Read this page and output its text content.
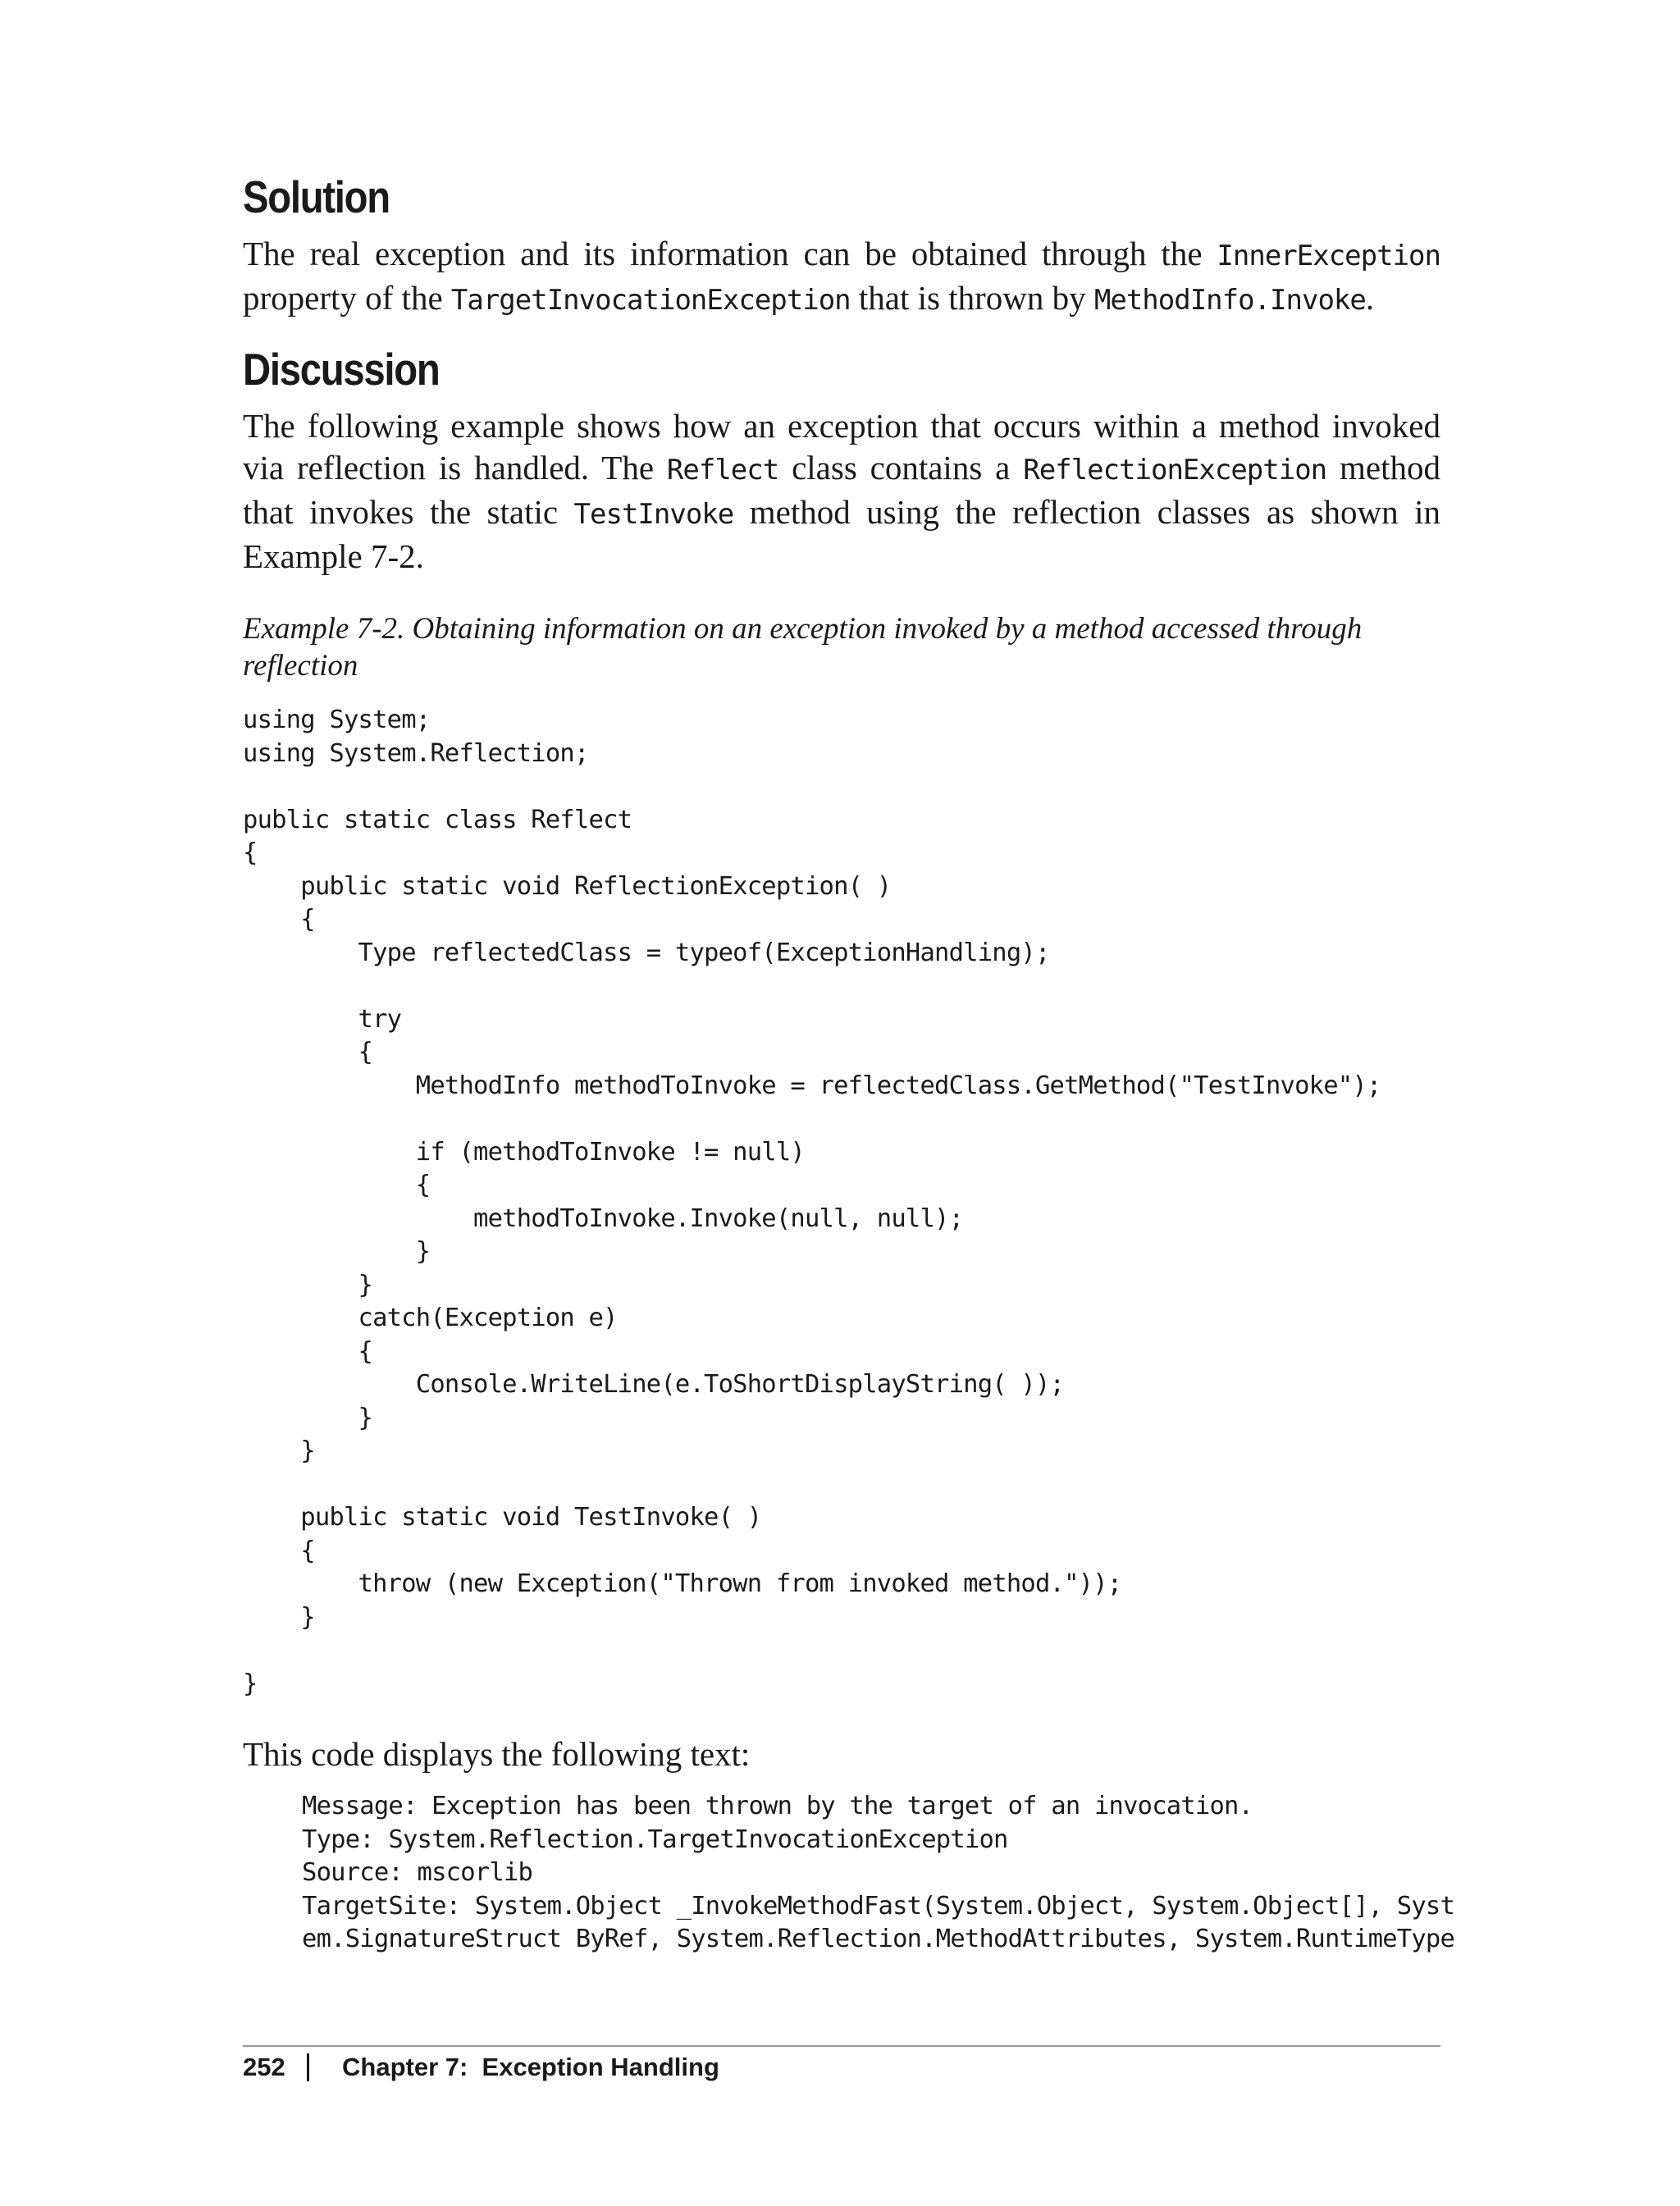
Solution

The real exception and its information can be obtained through the InnerException property of the TargetInvocationException that is thrown by MethodInfo.Invoke.

Discussion

The following example shows how an exception that occurs within a method invoked via reflection is handled. The Reflect class contains a ReflectionException method that invokes the static TestInvoke method using the reflection classes as shown in Example 7-2.

Example 7-2. Obtaining information on an exception invoked by a method accessed through reflection

using System;
using System.Reflection;

public static class Reflect
{
public static void ReflectionException( )
{
Type reflectedClass = typeof(ExceptionHandling);

try
{
MethodInfo methodToInvoke = reflectedClass.GetMethod("TestInvoke");

if (methodToInvoke != null)
{
methodToInvoke.Invoke(null, null);
}
}
catch(Exception e)
{
Console.WriteLine(e.ToShortDisplayString( ));
}
}

public static void TestInvoke( )
{
throw (new Exception("Thrown from invoked method."));
}

}

This code displays the following text:

Message: Exception has been thrown by the target of an invocation.
Type: System.Reflection.TargetInvocationException
Source: mscorlib
TargetSite: System.Object _InvokeMethodFast(System.Object, System.Object[], Syst
em.SignatureStruct ByRef, System.Reflection.MethodAttributes, System.RuntimeType
252	Chapter 7:  Exception Handling
